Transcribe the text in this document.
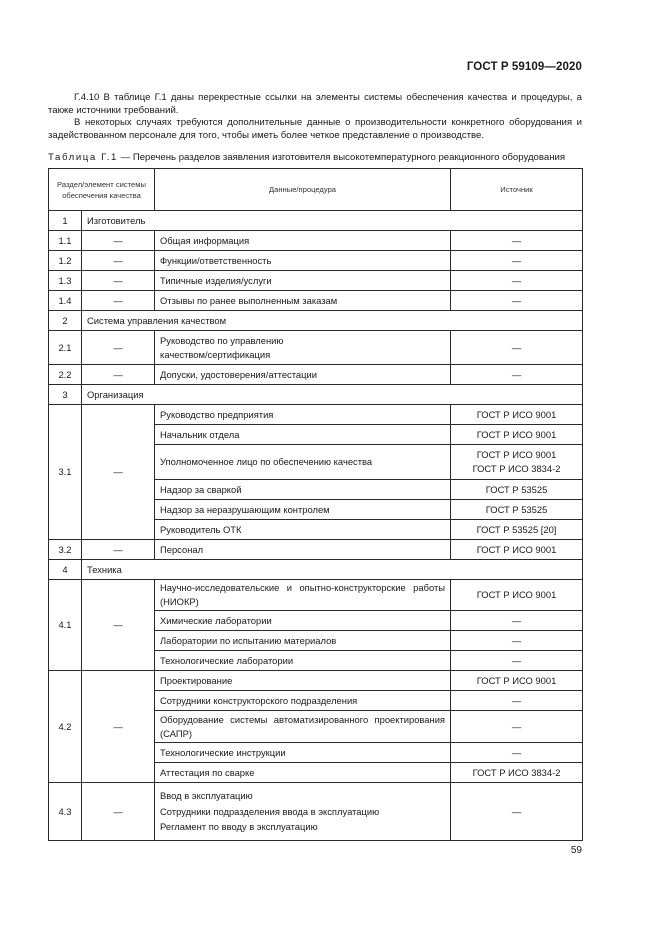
ГОСТ Р 59109—2020

Г.4.10 В таблице Г.1 даны перекрестные ссылки на элементы системы обеспечения качества и процедуры, а также источники требований.

В некоторых случаях требуются дополнительные данные о производительности конкретного оборудования и задействованном персонале для того, чтобы иметь более четкое представление о производстве.

Таблица Г.1 — Перечень разделов заявления изготовителя высокотемпературного реакционного оборудования
Раздел/элемент системы обеспечения качества		Данные/процедура	Источник
1	Изготовитель		
1.1	—	Общая информация	—
1.2	—	Функции/ответственность	—
1.3	—	Типичные изделия/услуги	—
1.4	—	Отзывы по ранее выполненным заказам	—
2	Система управления качеством		
2.1	—	Руководство по управлению
качеством/сертификация	—
2.2	—	Допуски, удостоверения/аттестации	—
3	Организация		
3.1	—	Руководство предприятия	ГОСТ Р ИСО 9001
		Начальник отдела	ГОСТ Р ИСО 9001
		Уполномоченное лицо по обеспечению качества	ГОСТ Р ИСО 9001
ГОСТ Р ИСО 3834-2

		Надзор за сваркой	ГОСТ Р 53525
		Надзор за неразрушающим контролем	ГОСТ Р 53525
		Руководитель ОТК	ГОСТ Р 53525 [20]
3.2	—	Персонал	ГОСТ Р ИСО 9001
4	Техника		
4.1	—	Научно-исследовательские и опытно-конструкторские работы (НИОКР)	ГОСТ Р ИСО 9001
		Химические лаборатории	—
		Лаборатории по испытанию материалов	—
		Технологические лаборатории	—
4.2	—	Проектирование	ГОСТ Р ИСО 9001
		Сотрудники конструкторского подразделения	—
		Оборудование системы автоматизированного проектирования (САПР)	—
		Технологические инструкции	—
		Аттестация по сварке	ГОСТ Р ИСО 3834-2
4.3	—	Ввод в эксплуатацию
Сотрудники подразделения ввода в эксплуатацию
Регламент по вводу в эксплуатацию	—
59
